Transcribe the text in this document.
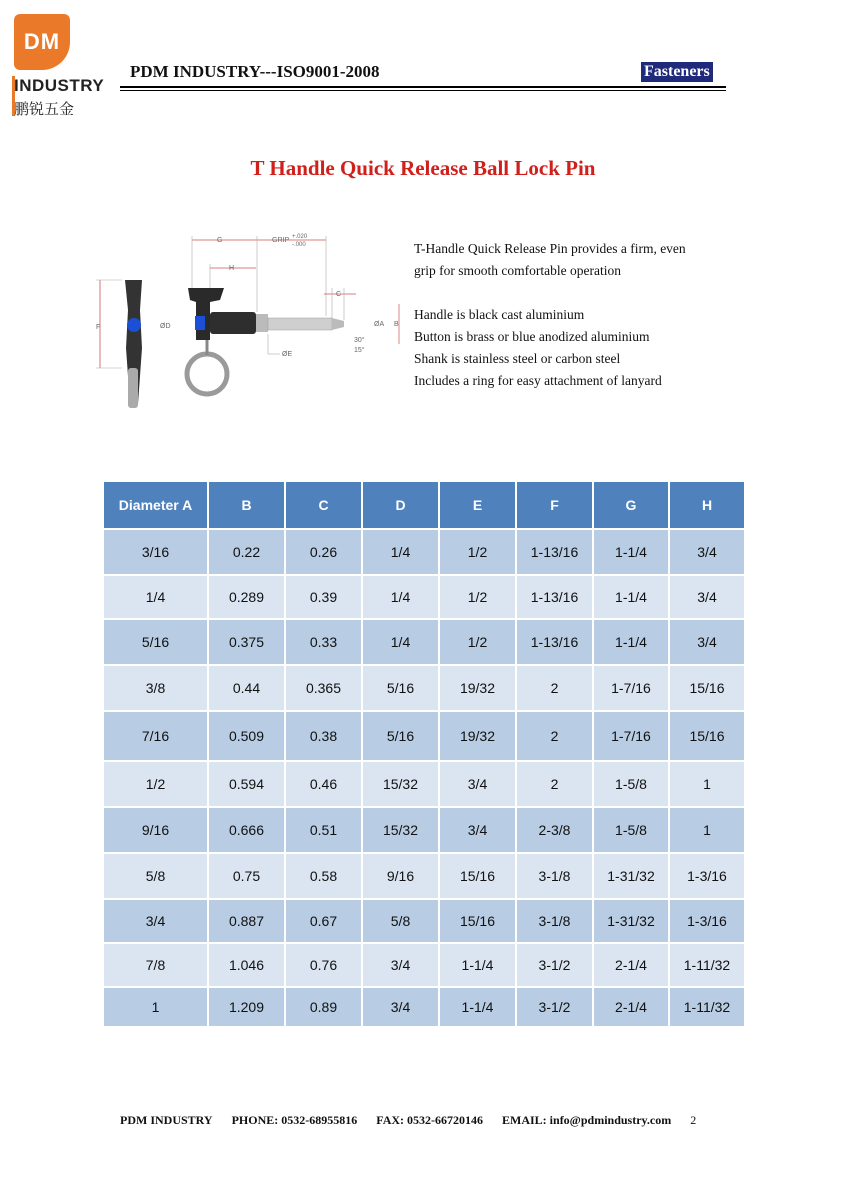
DM
INDUSTRY
鹏锐五金
PDM INDUSTRY---ISO9001-2008	Fasteners
T Handle Quick Release Ball Lock Pin
F	ØD
G	GRIP +.020
-.000
H
C
ØA B
30°
15°
ØE

T-Handle Quick Release Pin provides a firm, even

grip for smooth comfortable operation

Handle is black cast aluminium

Button is brass or blue anodized aluminium

Shank is stainless steel or carbon steel

Includes a ring for easy attachment of lanyard

Diameter A	B	C	D	E	F	G	H
3/16	0.22	0.26	1/4	1/2	1-13/16	1-1/4	3/4
1/4	0.289	0.39	1/4	1/2	1-13/16	1-1/4	3/4
5/16	0.375	0.33	1/4	1/2	1-13/16	1-1/4	3/4
3/8	0.44	0.365	5/16	19/32	2	1-7/16	15/16
7/16	0.509	0.38	5/16	19/32	2	1-7/16	15/16
1/2	0.594	0.46	15/32	3/4	2	1-5/8	1
9/16	0.666	0.51	15/32	3/4	2-3/8	1-5/8	1
5/8	0.75	0.58	9/16	15/16	3-1/8	1-31/32	1-3/16
3/4	0.887	0.67	5/8	15/16	3-1/8	1-31/32	1-3/16
7/8	1.046	0.76	3/4	1-1/4	3-1/2	2-1/4	1-11/32
1	1.209	0.89	3/4	1-1/4	3-1/2	2-1/4	1-11/32
PDM INDUSTRY PHONE: 0532-68955816 FAX: 0532-66720146 EMAIL: info@pdmindustry.com 2
